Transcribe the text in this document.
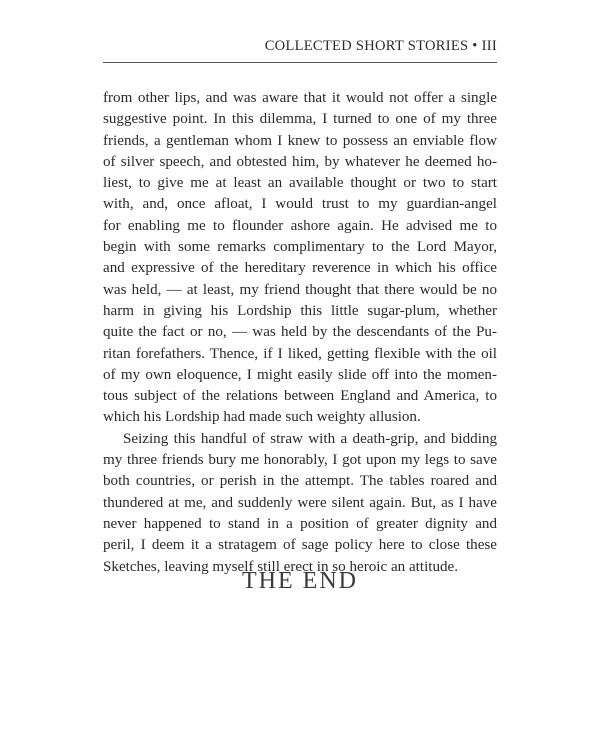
COLLECTED SHORT STORIES • III
from other lips, and was aware that it would not offer a single
suggestive point. In this dilemma, I turned to one of my three
friends, a gentleman whom I knew to possess an enviable flow
of silver speech, and obtested him, by whatever he deemed ho-
liest, to give me at least an available thought or two to start
with, and, once afloat, I would trust to my guardian-angel
for enabling me to flounder ashore again. He advised me to
begin with some remarks complimentary to the Lord Mayor,
and expressive of the hereditary reverence in which his office
was held, — at least, my friend thought that there would be no
harm in giving his Lordship this little sugar-plum, whether
quite the fact or no, — was held by the descendants of the Pu-
ritan forefathers. Thence, if I liked, getting flexible with the oil
of my own eloquence, I might easily slide off into the momen-
tous subject of the relations between England and America, to
which his Lordship had made such weighty allusion.
Seizing this handful of straw with a death-grip, and bidding
my three friends bury me honorably, I got upon my legs to save
both countries, or perish in the attempt. The tables roared and
thundered at me, and suddenly were silent again. But, as I have
never happened to stand in a position of greater dignity and
peril, I deem it a stratagem of sage policy here to close these
Sketches, leaving myself still erect in so heroic an attitude.
THE END
